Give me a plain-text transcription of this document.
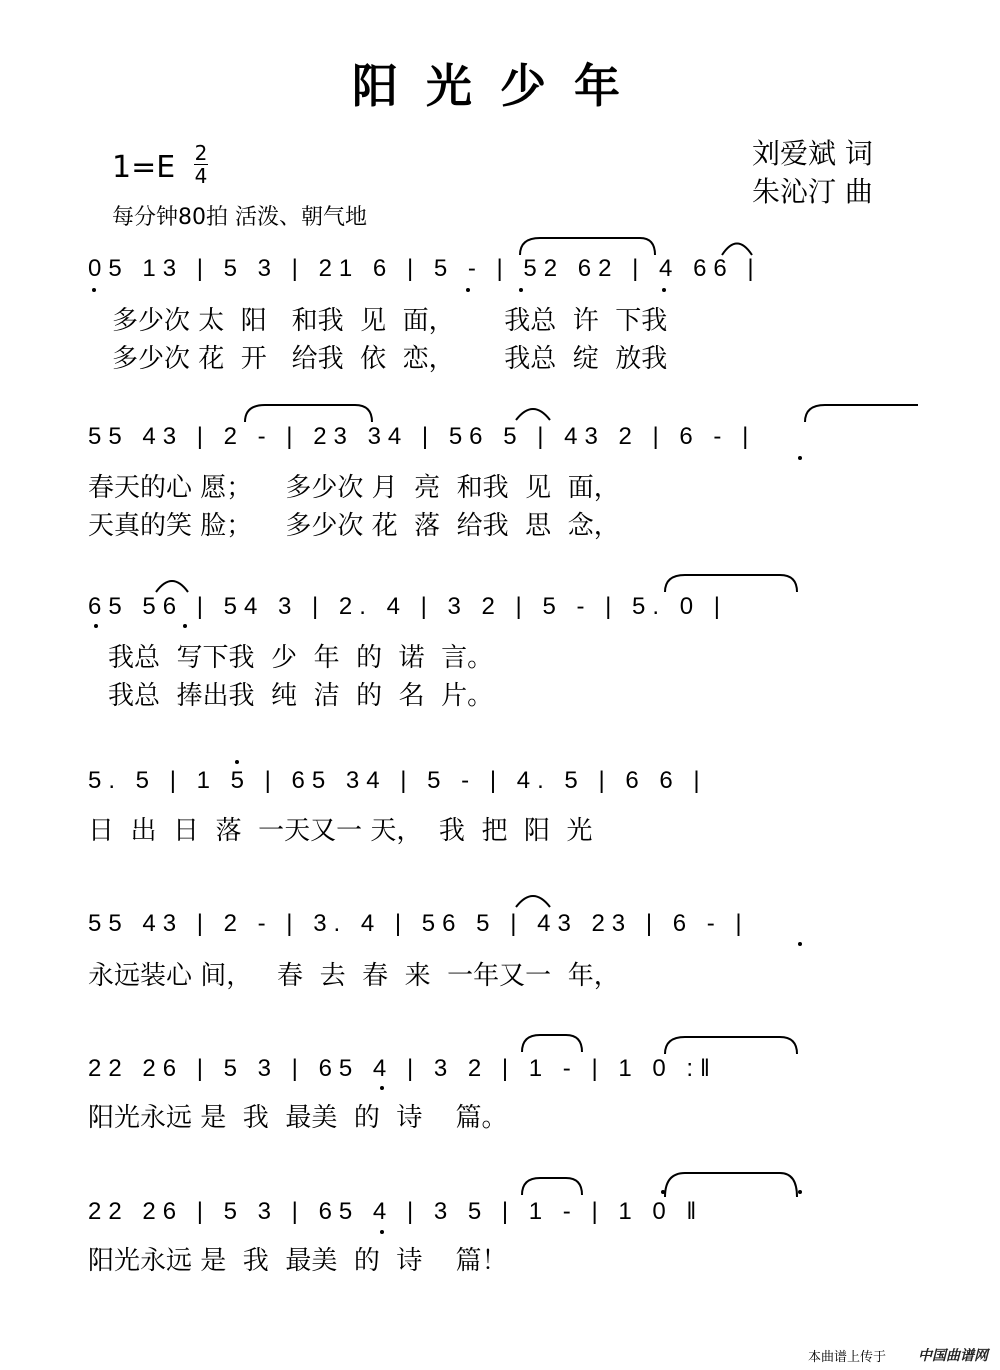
阳光少年
刘爱斌 词
朱沁汀 曲
1=E 2
4
每分钟80拍 活泼、朝气地
05 13 | 5 3 | 21 6 | 5 - | 52 62 | 4 66 |
多少次 太  阳   和我  见  面，      我总  许  下我
多少次 花  开   给我  依  恋，      我总  绽  放我
55 43 | 2 - | 23 34 | 56 5 | 43 2 | 6 - |
春天的心 愿；    多少次 月  亮  和我  见  面，
天真的笑 脸；    多少次 花  落  给我  思  念，
65 56 | 54 3 | 2. 4 | 3 2 | 5 - | 5. 0 |
我总  写下我  少  年  的  诺  言。
我总  捧出我  纯  洁  的  名  片。
5. 5 | 1 5 | 65 34 | 5 - | 4. 5 | 6 6 |
日  出  日  落  一天又一 天，  我  把  阳  光
55 43 | 2 - | 3. 4 | 56 5 | 43 23 | 6 - |
永远装心 间，   春  去  春  来  一年又一  年，
22 26 | 5 3 | 65 4 | 3 2 | 1 - | 1 0 :‖
阳光永远 是  我  最美  的  诗    篇。
22 26 | 5 3 | 65 4 | 3 5 | 1 - | 1 0 ‖
阳光永远 是  我  最美  的  诗    篇！
本曲谱上传于 中国曲谱网
